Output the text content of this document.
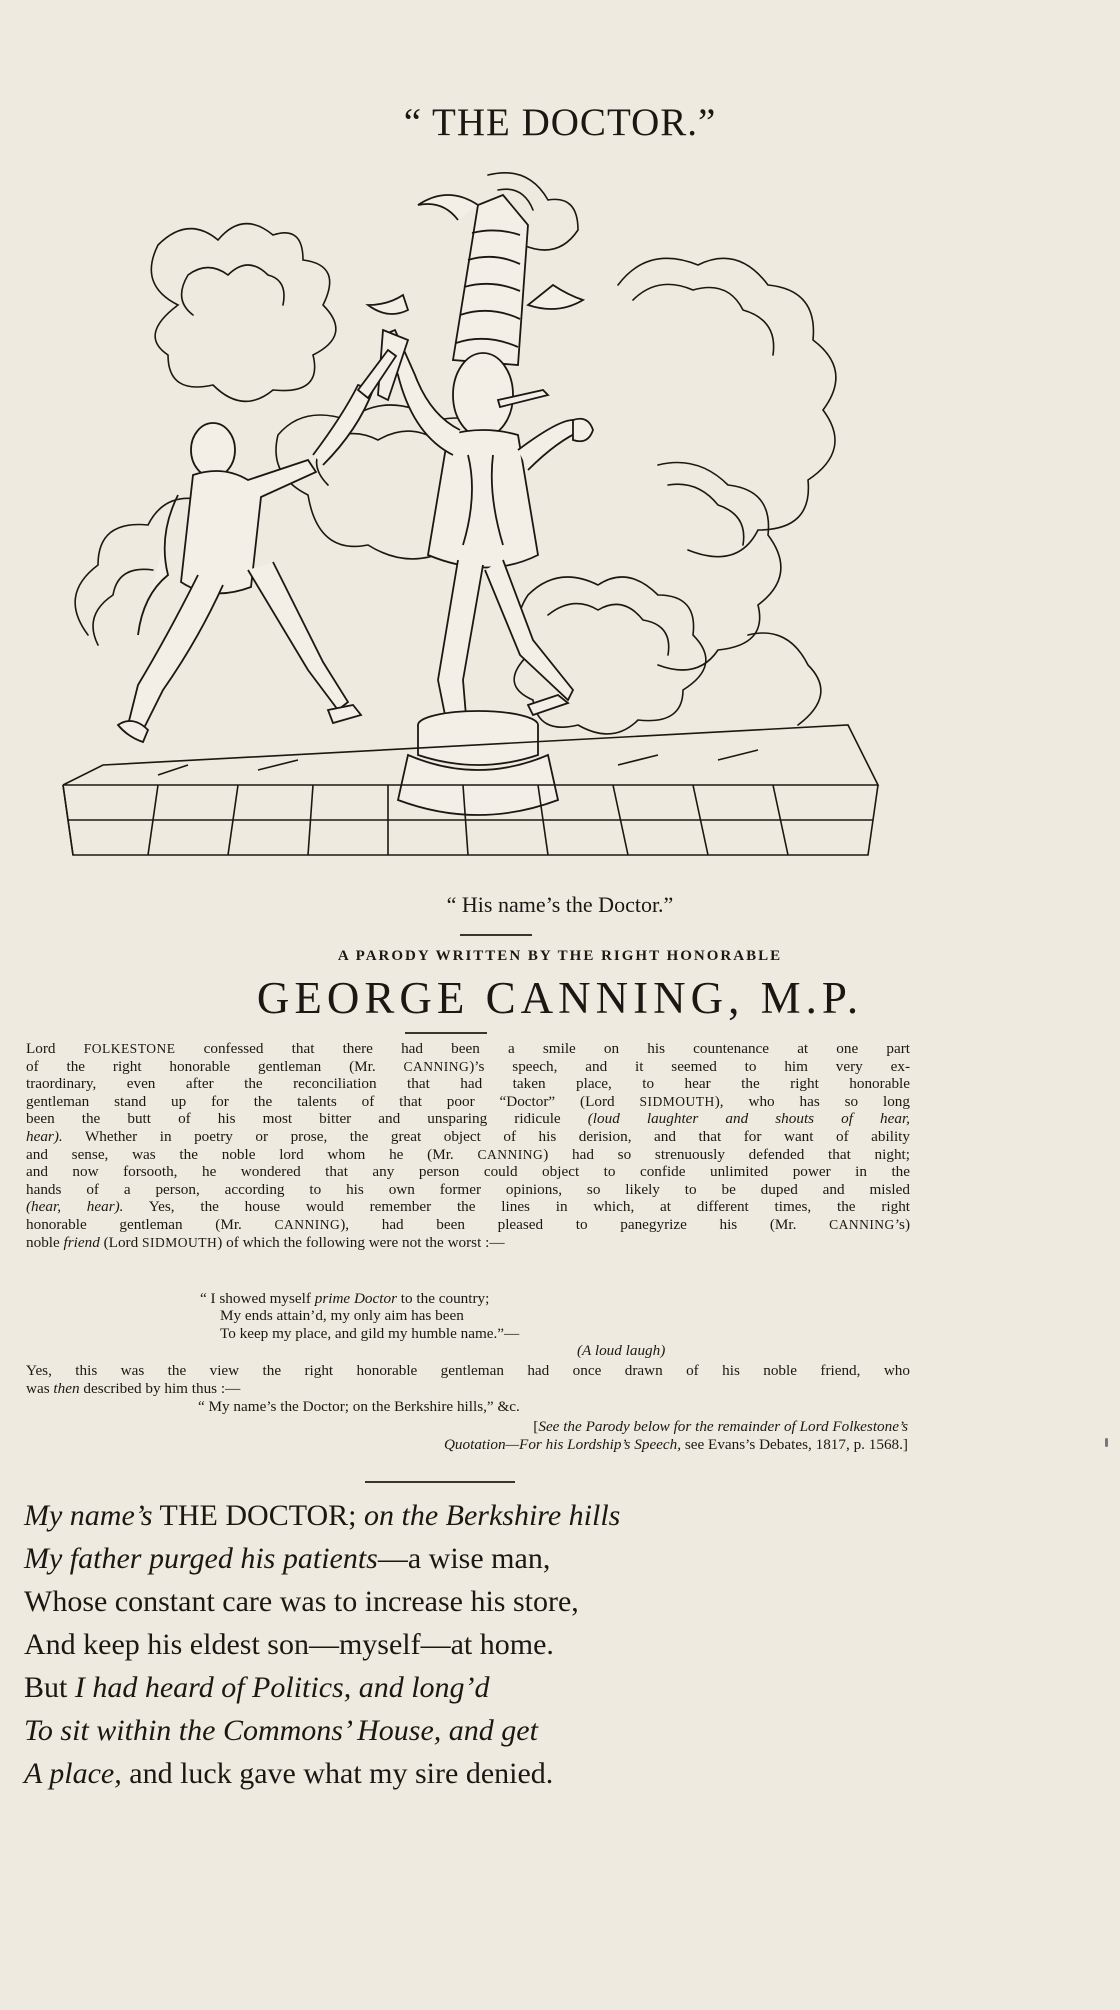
“ THE DOCTOR.”
“ His name’s the Doctor.”
A PARODY WRITTEN BY THE RIGHT HONORABLE
GEORGE CANNING, M.P.
Lord FOLKESTONE confessed that there had been a smile on his countenance at one part
of the right honorable gentleman (Mr. CANNING)’s speech, and it seemed to him very ex-
traordinary, even after the reconciliation that had taken place, to hear the right honorable
gentleman stand up for the talents of that poor “Doctor” (Lord SIDMOUTH), who has so long
been the butt of his most bitter and unsparing ridicule (loud laughter and shouts of hear,
hear). Whether in poetry or prose, the great object of his derision, and that for want of ability
and sense, was the noble lord whom he (Mr. CANNING) had so strenuously defended that night;
and now forsooth, he wondered that any person could object to confide unlimited power in the
hands of a person, according to his own former opinions, so likely to be duped and misled
(hear, hear). Yes, the house would remember the lines in which, at different times, the right
honorable gentleman (Mr. CANNING), had been pleased to panegyrize his (Mr. CANNING’s)
noble friend (Lord SIDMOUTH) of which the following were not the worst :—
“ I showed myself prime Doctor to the country;
My ends attain’d, my only aim has been
To keep my place, and gild my humble name.”—
(A loud laugh)
Yes, this was the view the right honorable gentleman had once drawn of his noble friend, who
was then described by him thus :—
“ My name’s the Doctor; on the Berkshire hills,” &c.
[See the Parody below for the remainder of Lord Folkestone’s
Quotation—For his Lordship’s Speech, see Evans’s Debates, 1817, p. 1568.]
My name’s THE DOCTOR; on the Berkshire hills
My father purged his patients—a wise man,
Whose constant care was to increase his store,
And keep his eldest son—myself—at home.
But I had heard of Politics, and long’d
To sit within the Commons’ House, and get
A place, and luck gave what my sire denied.
